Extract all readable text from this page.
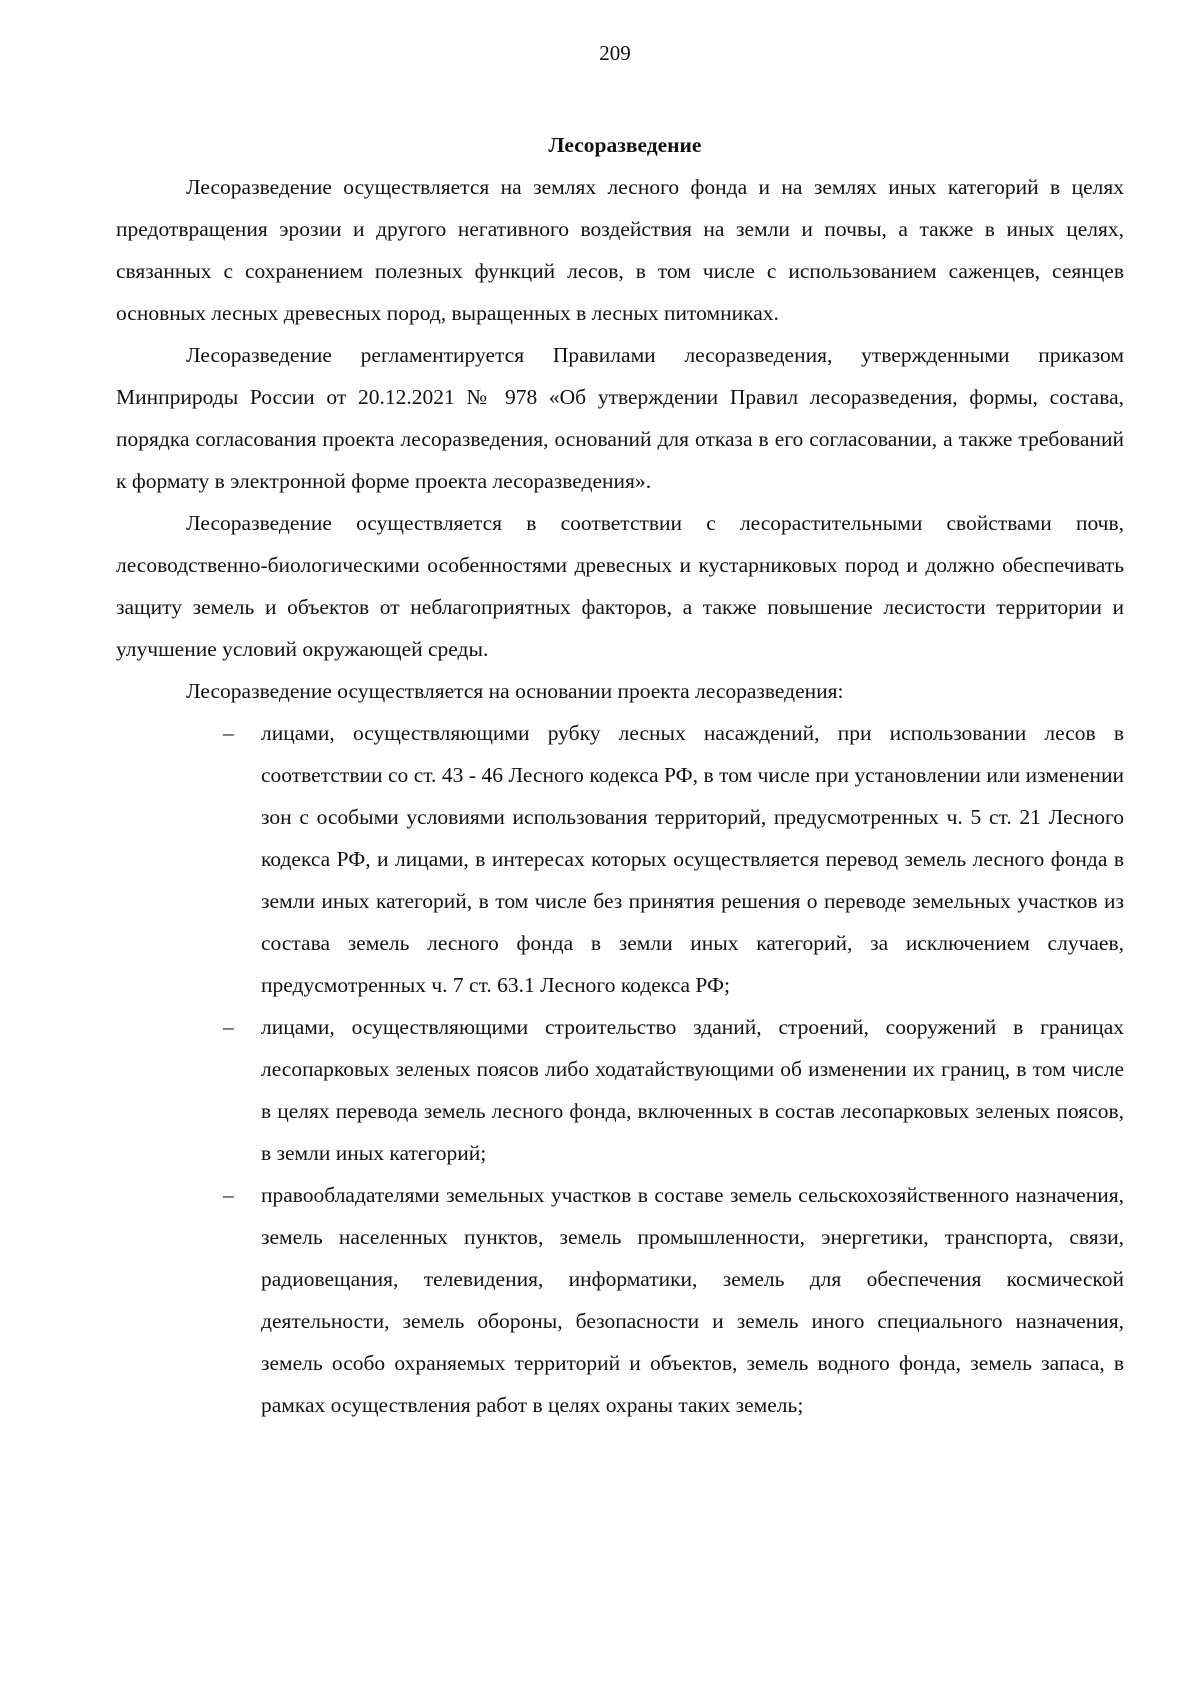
209
Лесоразведение

Лесоразведение осуществляется на землях лесного фонда и на землях иных категорий в целях предотвращения эрозии и другого негативного воздействия на земли и почвы, а также в иных целях, связанных с сохранением полезных функций лесов, в том числе с использованием саженцев, сеянцев основных лесных древесных пород, выращенных в лесных питомниках.

Лесоразведение регламентируется Правилами лесоразведения, утвержденными приказом Минприроды России от 20.12.2021 № 978 «Об утверждении Правил лесоразведения, формы, состава, порядка согласования проекта лесоразведения, оснований для отказа в его согласовании, а также требований к формату в электронной форме проекта лесоразведения».

Лесоразведение осуществляется в соответствии с лесорастительными свойствами почв, лесоводственно-биологическими особенностями древесных и кустарниковых пород и должно обеспечивать защиту земель и объектов от неблагоприятных факторов, а также повышение лесистости территории и улучшение условий окружающей среды.

Лесоразведение осуществляется на основании проекта лесоразведения:

– лицами, осуществляющими рубку лесных насаждений, при использовании лесов в соответствии со ст. 43 - 46 Лесного кодекса РФ, в том числе при установлении или изменении зон с особыми условиями использования территорий, предусмотренных ч. 5 ст. 21 Лесного кодекса РФ, и лицами, в интересах которых осуществляется перевод земель лесного фонда в земли иных категорий, в том числе без принятия решения о переводе земельных участков из состава земель лесного фонда в земли иных категорий, за исключением случаев, предусмотренных ч. 7 ст. 63.1 Лесного кодекса РФ;
– лицами, осуществляющими строительство зданий, строений, сооружений в границах лесопарковых зеленых поясов либо ходатайствующими об изменении их границ, в том числе в целях перевода земель лесного фонда, включенных в состав лесопарковых зеленых поясов, в земли иных категорий;
– правообладателями земельных участков в составе земель сельскохозяйственного назначения, земель населенных пунктов, земель промышленности, энергетики, транспорта, связи, радиовещания, телевидения, информатики, земель для обеспечения космической деятельности, земель обороны, безопасности и земель иного специального назначения, земель особо охраняемых территорий и объектов, земель водного фонда, земель запаса, в рамках осуществления работ в целях охраны таких земель;
